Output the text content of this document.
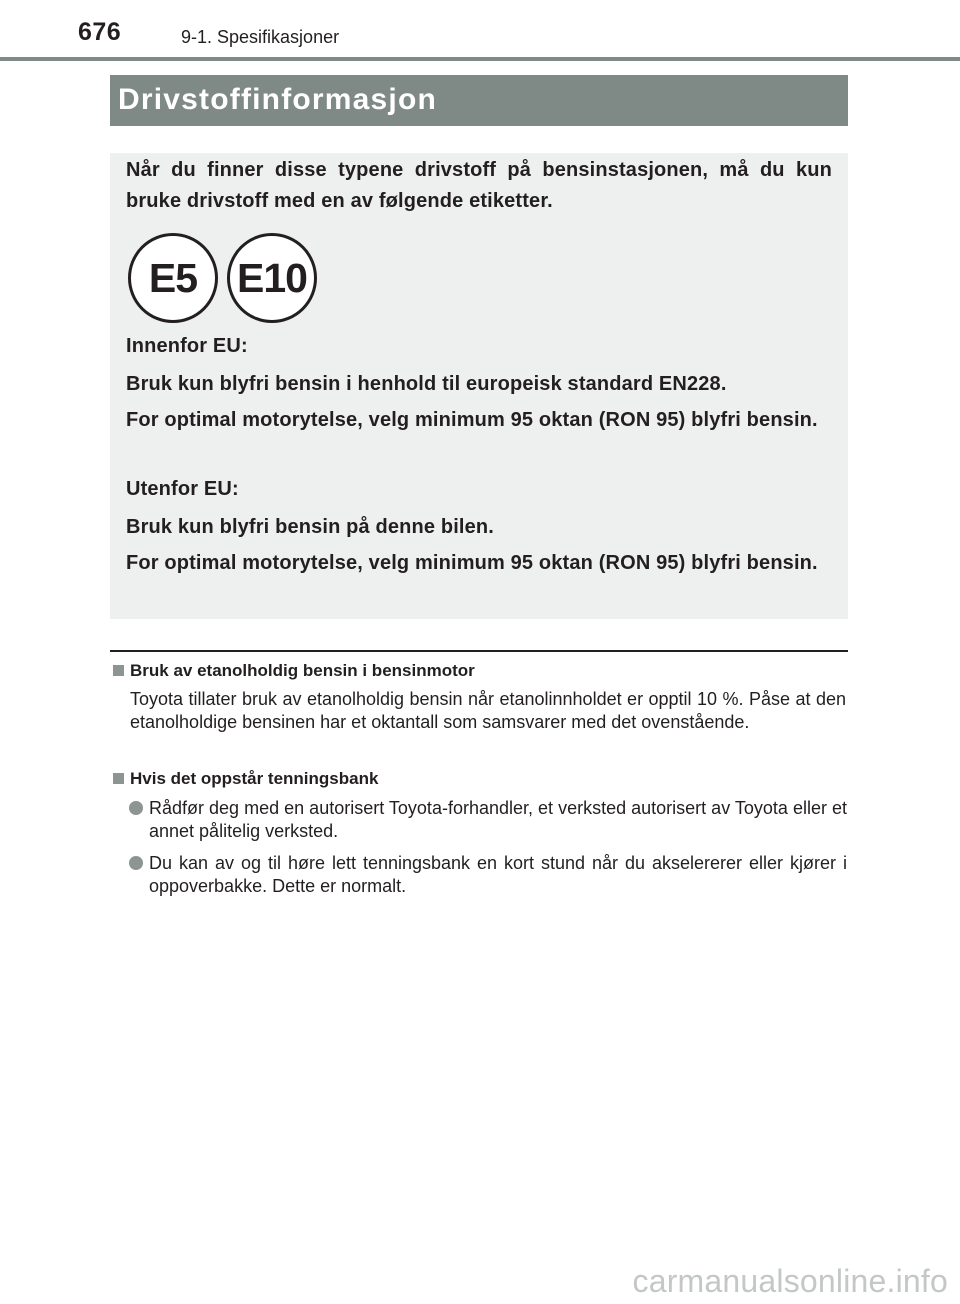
676	9-1. Spesifikasjoner
Drivstoffinformasjon
Når du finner disse typene drivstoff på bensinstasjonen, må du kun bruke drivstoff med en av følgende etiketter.
E5 E10
Innenfor EU:
Bruk kun blyfri bensin i henhold til europeisk standard EN228.
For optimal motorytelse, velg minimum 95 oktan (RON 95) blyfri bensin.
Utenfor EU:
Bruk kun blyfri bensin på denne bilen.
For optimal motorytelse, velg minimum 95 oktan (RON 95) blyfri bensin.
Bruk av etanolholdig bensin i bensinmotor
Toyota tillater bruk av etanolholdig bensin når etanolinnholdet er opptil 10 %. Påse at den etanolholdige bensinen har et oktantall som samsvarer med det ovenstående.
Hvis det oppstår tenningsbank
Rådfør deg med en autorisert Toyota-forhandler, et verksted autorisert av Toyota eller et annet pålitelig verksted.
Du kan av og til høre lett tenningsbank en kort stund når du akselererer eller kjører i oppoverbakke. Dette er normalt.
carmanualsonline.info
